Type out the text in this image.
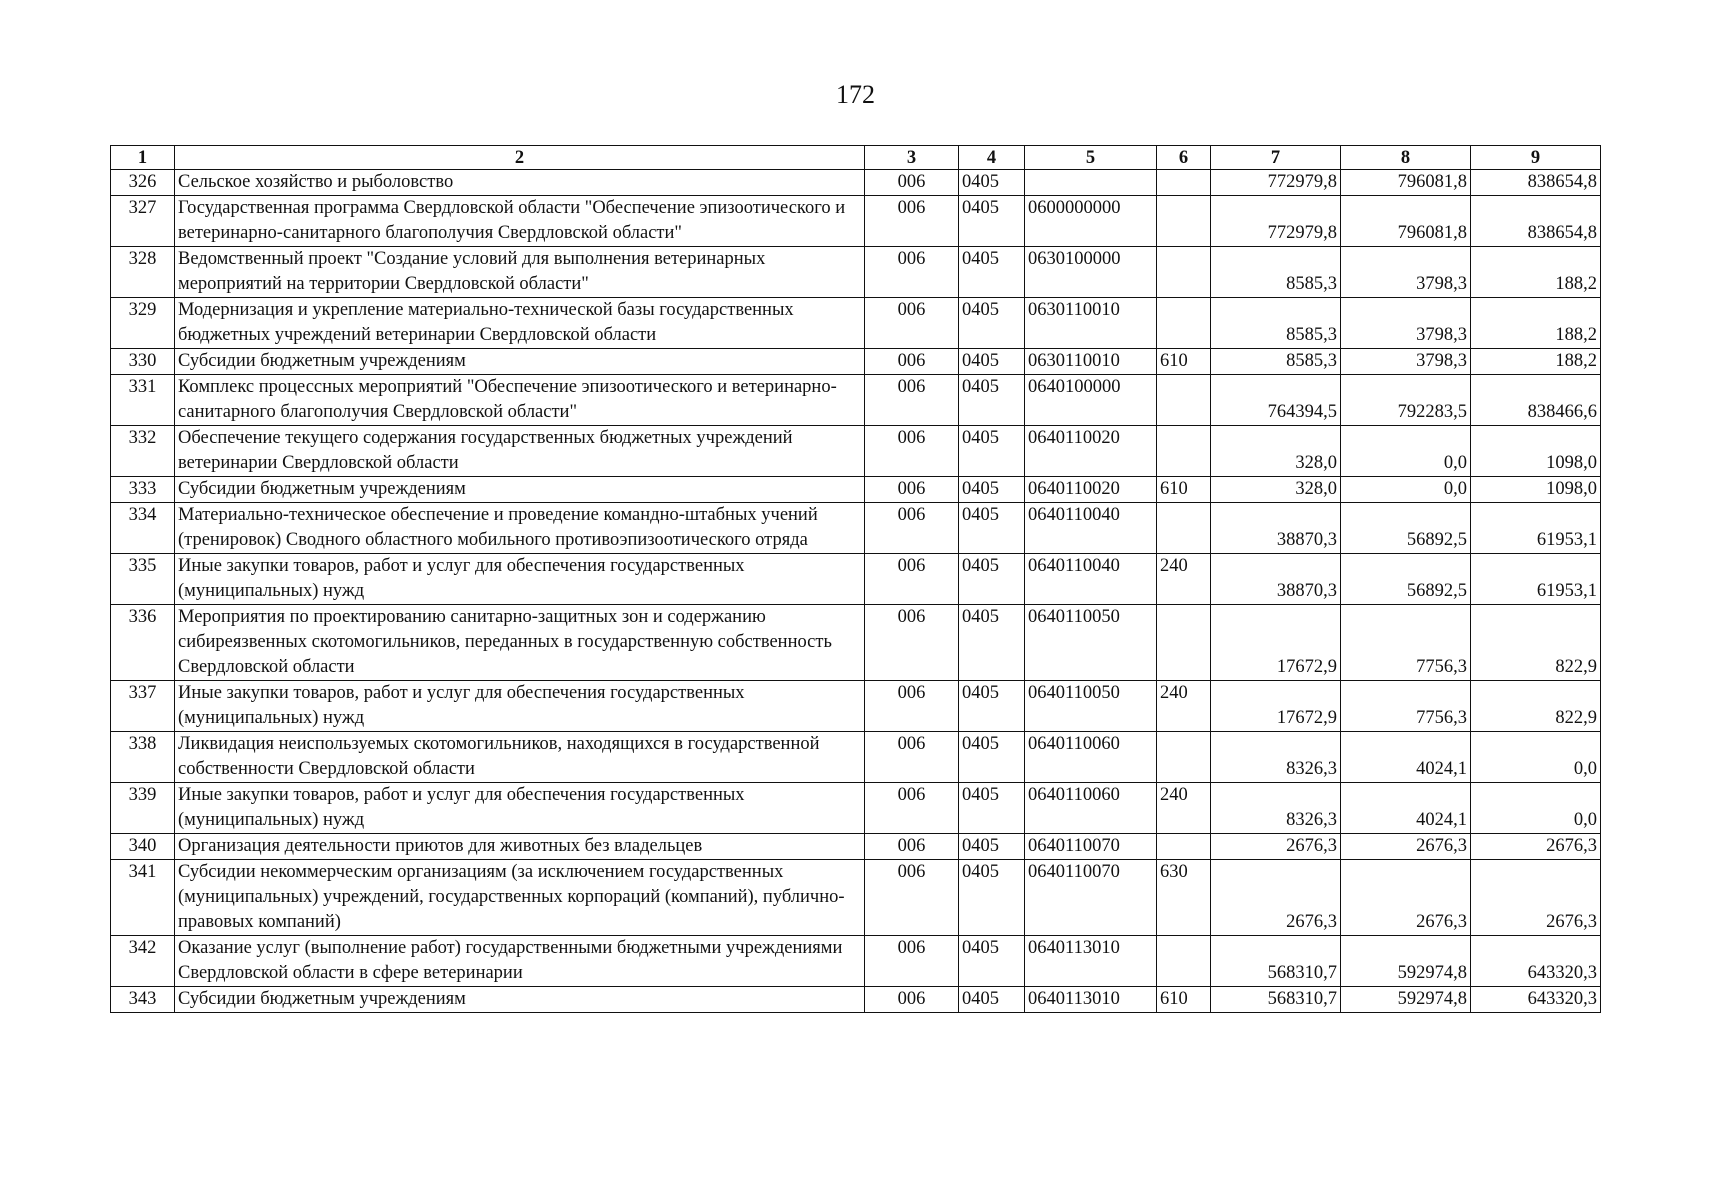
172
1	2	3	4	5	6	7	8	9
326	Сельское хозяйство и рыболовство	006	0405			772979,8	796081,8	838654,8
327	Государственная программа Свердловской области "Обеспечение эпизоотического и ветеринарно-санитарного благополучия Свердловской области"	006	0405	0600000000		772979,8	796081,8	838654,8
328	Ведомственный проект "Создание условий для выполнения ветеринарных мероприятий на территории Свердловской области"	006	0405	0630100000		8585,3	3798,3	188,2
329	Модернизация и укрепление материально-технической базы государственных бюджетных учреждений ветеринарии Свердловской области	006	0405	0630110010		8585,3	3798,3	188,2
330	Субсидии бюджетным учреждениям	006	0405	0630110010	610	8585,3	3798,3	188,2
331	Комплекс процессных мероприятий "Обеспечение эпизоотического и ветеринарно-санитарного благополучия Свердловской области"	006	0405	0640100000		764394,5	792283,5	838466,6
332	Обеспечение текущего содержания государственных бюджетных учреждений ветеринарии Свердловской области	006	0405	0640110020		328,0	0,0	1098,0
333	Субсидии бюджетным учреждениям	006	0405	0640110020	610	328,0	0,0	1098,0
334	Материально-техническое обеспечение и проведение командно-штабных учений (тренировок) Сводного областного мобильного противоэпизоотического отряда	006	0405	0640110040		38870,3	56892,5	61953,1
335	Иные закупки товаров, работ и услуг для обеспечения государственных (муниципальных) нужд	006	0405	0640110040	240	38870,3	56892,5	61953,1
336	Мероприятия по проектированию санитарно-защитных зон и содержанию сибиреязвенных скотомогильников, переданных в государственную собственность Свердловской области	006	0405	0640110050		17672,9	7756,3	822,9
337	Иные закупки товаров, работ и услуг для обеспечения государственных (муниципальных) нужд	006	0405	0640110050	240	17672,9	7756,3	822,9
338	Ликвидация неиспользуемых скотомогильников, находящихся в государственной собственности Свердловской области	006	0405	0640110060		8326,3	4024,1	0,0
339	Иные закупки товаров, работ и услуг для обеспечения государственных (муниципальных) нужд	006	0405	0640110060	240	8326,3	4024,1	0,0
340	Организация деятельности приютов для животных без владельцев	006	0405	0640110070		2676,3	2676,3	2676,3
341	Субсидии некоммерческим организациям (за исключением государственных (муниципальных) учреждений, государственных корпораций (компаний), публично-правовых компаний)	006	0405	0640110070	630	2676,3	2676,3	2676,3
342	Оказание услуг (выполнение работ) государственными бюджетными учреждениями Свердловской области в сфере ветеринарии	006	0405	0640113010		568310,7	592974,8	643320,3
343	Субсидии бюджетным учреждениям	006	0405	0640113010	610	568310,7	592974,8	643320,3
